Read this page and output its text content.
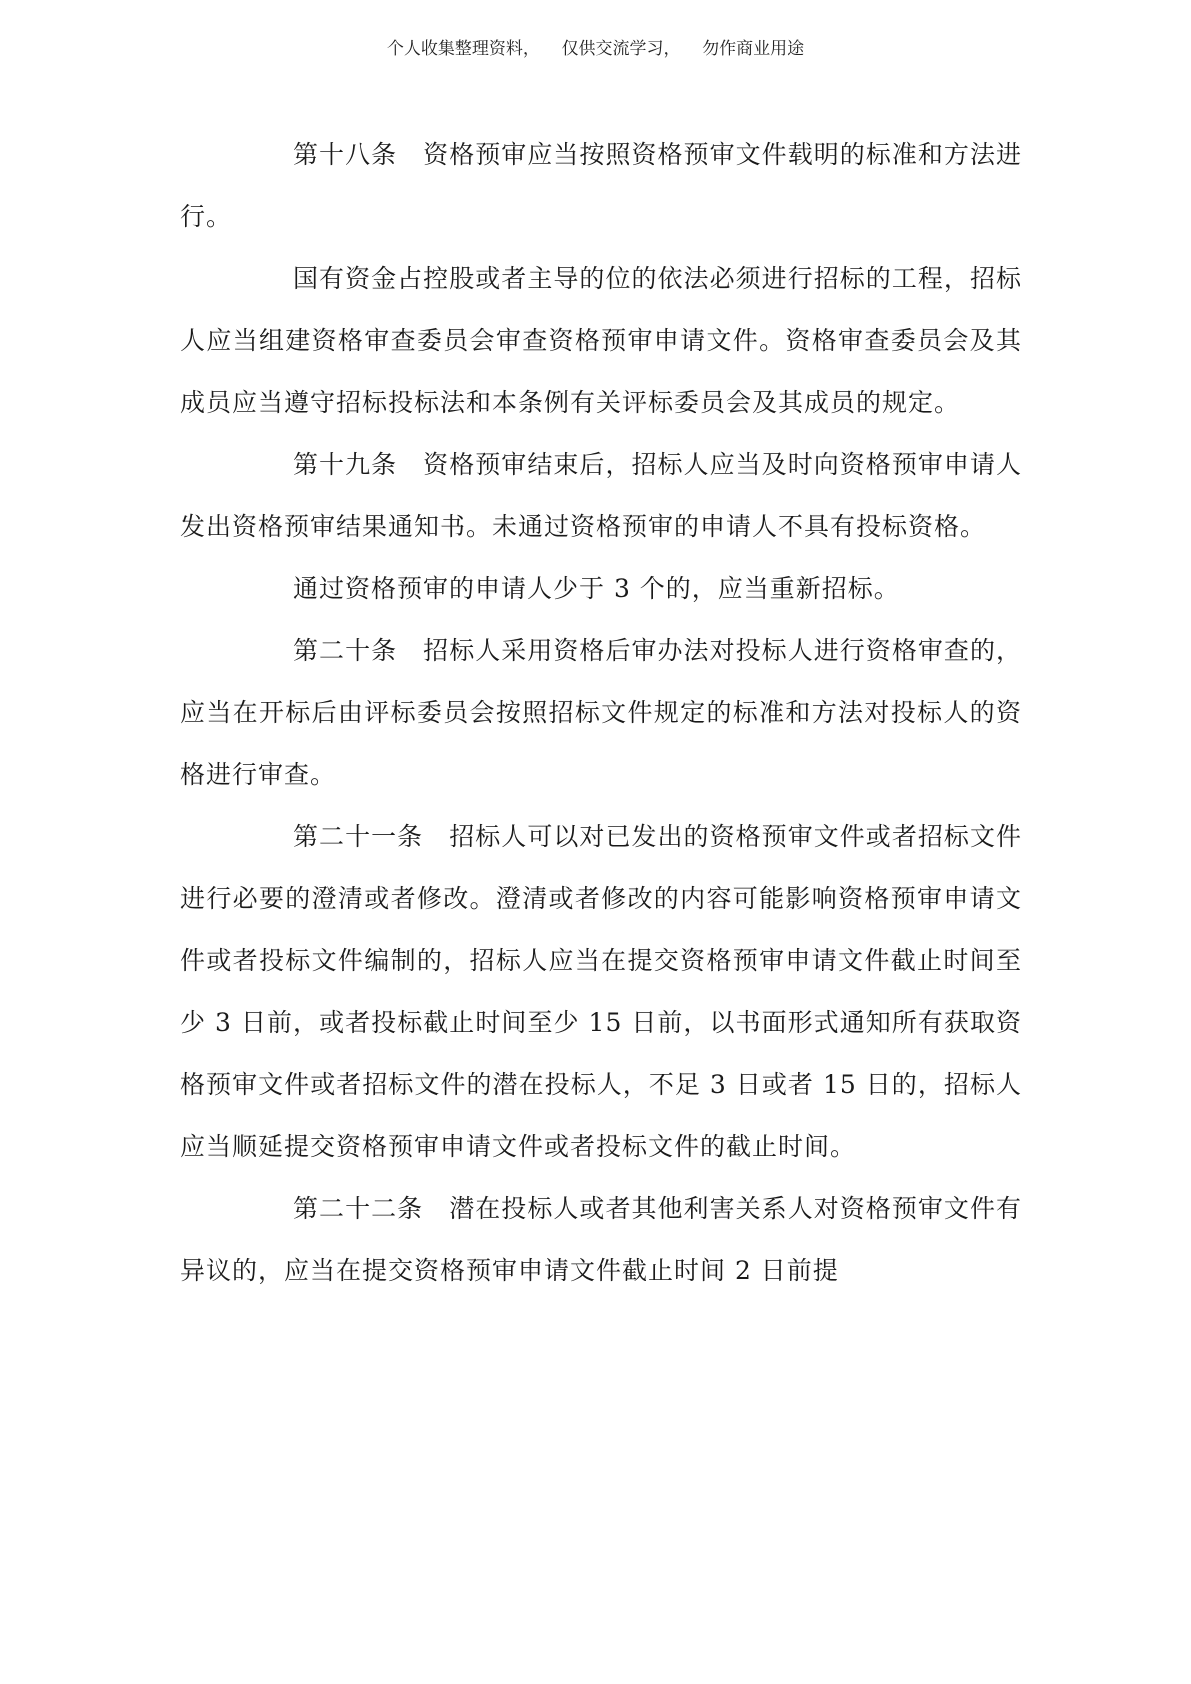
个人收集整理资料，    仅供交流学习，    勿作商业用途

第十八条　资格预审应当按照资格预审文件载明的标准和方法进行。

国有资金占控股或者主导的位的依法必须进行招标的工程，招标人应当组建资格审查委员会审查资格预审申请文件。资格审查委员会及其成员应当遵守招标投标法和本条例有关评标委员会及其成员的规定。

第十九条　资格预审结束后，招标人应当及时向资格预审申请人发出资格预审结果通知书。未通过资格预审的申请人不具有投标资格。

通过资格预审的申请人少于 3 个的，应当重新招标。

第二十条　招标人采用资格后审办法对投标人进行资格审查的，应当在开标后由评标委员会按照招标文件规定的标准和方法对投标人的资格进行审查。

第二十一条　招标人可以对已发出的资格预审文件或者招标文件进行必要的澄清或者修改。澄清或者修改的内容可能影响资格预审申请文件或者投标文件编制的，招标人应当在提交资格预审申请文件截止时间至少 3 日前，或者投标截止时间至少 15 日前，以书面形式通知所有获取资格预审文件或者招标文件的潜在投标人，不足 3 日或者 15 日的，招标人应当顺延提交资格预审申请文件或者投标文件的截止时间。

第二十二条　潜在投标人或者其他利害关系人对资格预审文件有异议的，应当在提交资格预审申请文件截止时间 2 日前提
